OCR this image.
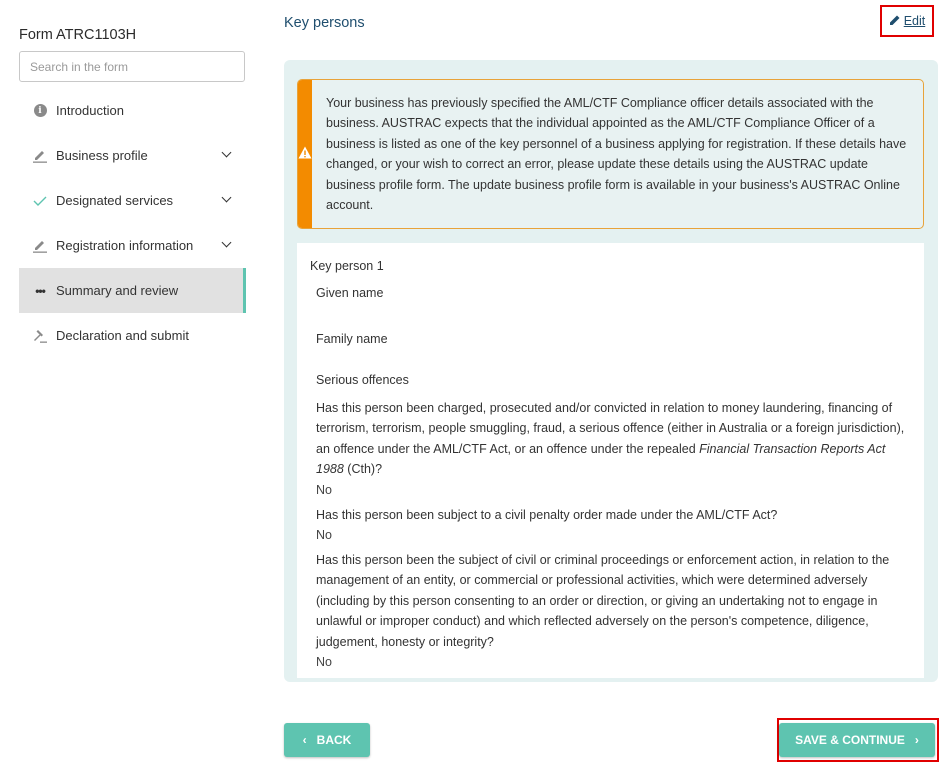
Form ATRC1103H
Search in the form
i	Introduction
Business profile
Designated services
Registration information
••• Summary and review
Declaration and submit
Key persons	Edit
Your business has previously specified the AML/CTF Compliance officer details associated with the business. AUSTRAC expects that the individual appointed as the AML/CTF Compliance Officer of a business is listed as one of the key personnel of a business applying for registration. If these details have changed, or your wish to correct an error, please update these details using the AUSTRAC update business profile form. The update business profile form is available in your business's AUSTRAC Online account.
Key person 1
Given name
Family name
Serious offences
Has this person been charged, prosecuted and/or convicted in relation to money laundering, financing of terrorism, terrorism, people smuggling, fraud, a serious offence (either in Australia or a foreign jurisdiction), an offence under the AML/CTF Act, or an offence under the repealed Financial Transaction Reports Act 1988 (Cth)?
No
Has this person been subject to a civil penalty order made under the AML/CTF Act?
No
Has this person been the subject of civil or criminal proceedings or enforcement action, in relation to the management of an entity, or commercial or professional activities, which were determined adversely (including by this person consenting to an order or direction, or giving an undertaking not to engage in unlawful or improper conduct) and which reflected adversely on the person's competence, diligence, judgement, honesty or integrity?
No
‹ BACK	SAVE & CONTINUE ›
